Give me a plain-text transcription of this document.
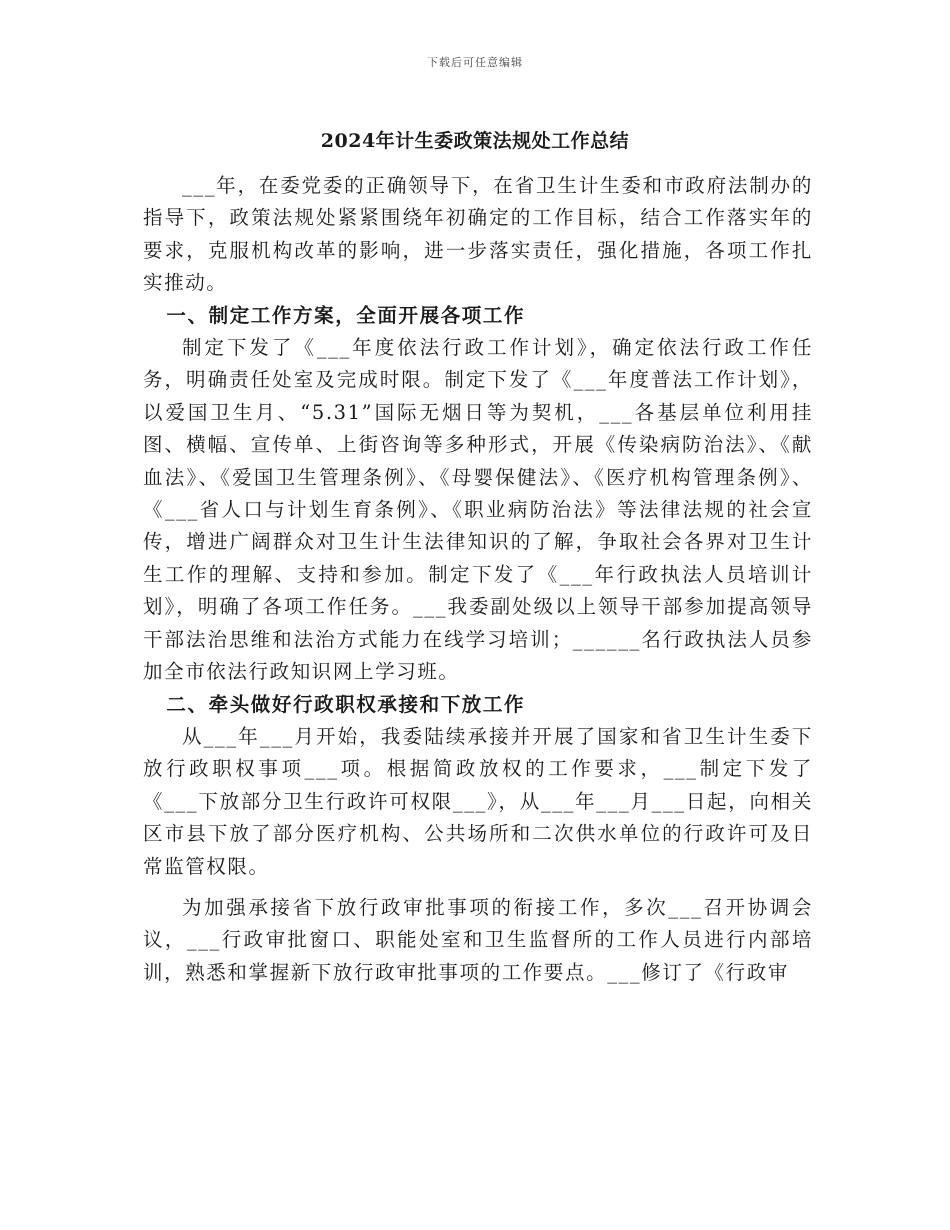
下载后可任意编辑
2024年计生委政策法规处工作总结

___年，在委党委的正确领导下，在省卫生计生委和市政府法制办的指导下，政策法规处紧紧围绕年初确定的工作目标，结合工作落实年的要求，克服机构改革的影响，进一步落实责任，强化措施，各项工作扎实推动。

一、制定工作方案，全面开展各项工作

制定下发了《___年度依法行政工作计划》，确定依法行政工作任务，明确责任处室及完成时限。制定下发了《___年度普法工作计划》，以爱国卫生月、“5.31”国际无烟日等为契机，___各基层单位利用挂图、横幅、宣传单、上街咨询等多种形式，开展《传染病防治法》、《献血法》、《爱国卫生管理条例》、《母婴保健法》、《医疗机构管理条例》、《___省人口与计划生育条例》、《职业病防治法》等法律法规的社会宣传，增进广阔群众对卫生计生法律知识的了解，争取社会各界对卫生计生工作的理解、支持和参加。制定下发了《___年行政执法人员培训计划》，明确了各项工作任务。___我委副处级以上领导干部参加提高领导干部法治思维和法治方式能力在线学习培训；______名行政执法人员参加全市依法行政知识网上学习班。

二、牵头做好行政职权承接和下放工作

从___年___月开始，我委陆续承接并开展了国家和省卫生计生委下放行政职权事项___项。根据简政放权的工作要求，___制定下发了《___下放部分卫生行政许可权限___》，从___年___月___日起，向相关区市县下放了部分医疗机构、公共场所和二次供水单位的行政许可及日常监管权限。

为加强承接省下放行政审批事项的衔接工作，多次___召开协调会议，___行政审批窗口、职能处室和卫生监督所的工作人员进行内部培训，熟悉和掌握新下放行政审批事项的工作要点。___修订了《行政审
